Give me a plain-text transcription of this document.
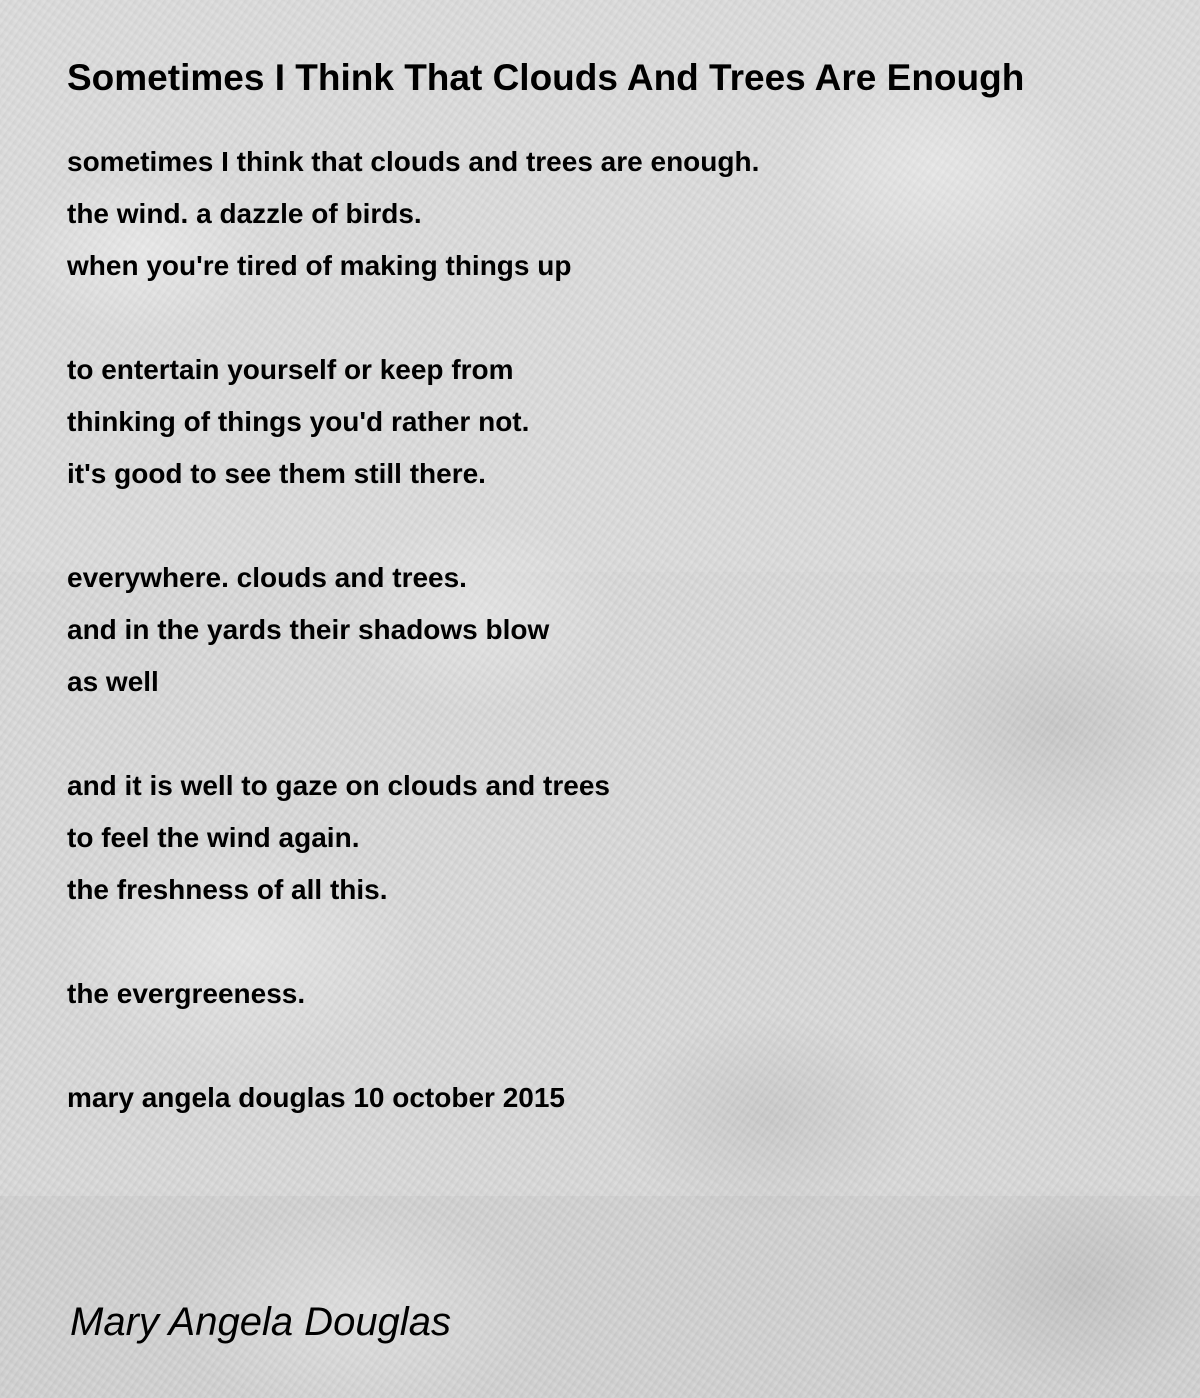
Sometimes I Think That Clouds And Trees Are Enough
sometimes I think that clouds and trees are enough.
the wind. a dazzle of birds.
when you're tired of making things up
to entertain yourself or keep from
thinking of things you'd rather not.
it's good to see them still there.
everywhere. clouds and trees.
and in the yards their shadows blow
as well
and it is well to gaze on clouds and trees
to feel the wind again.
the freshness of all this.
the evergreeness.
mary angela douglas 10 october 2015
Mary Angela Douglas
